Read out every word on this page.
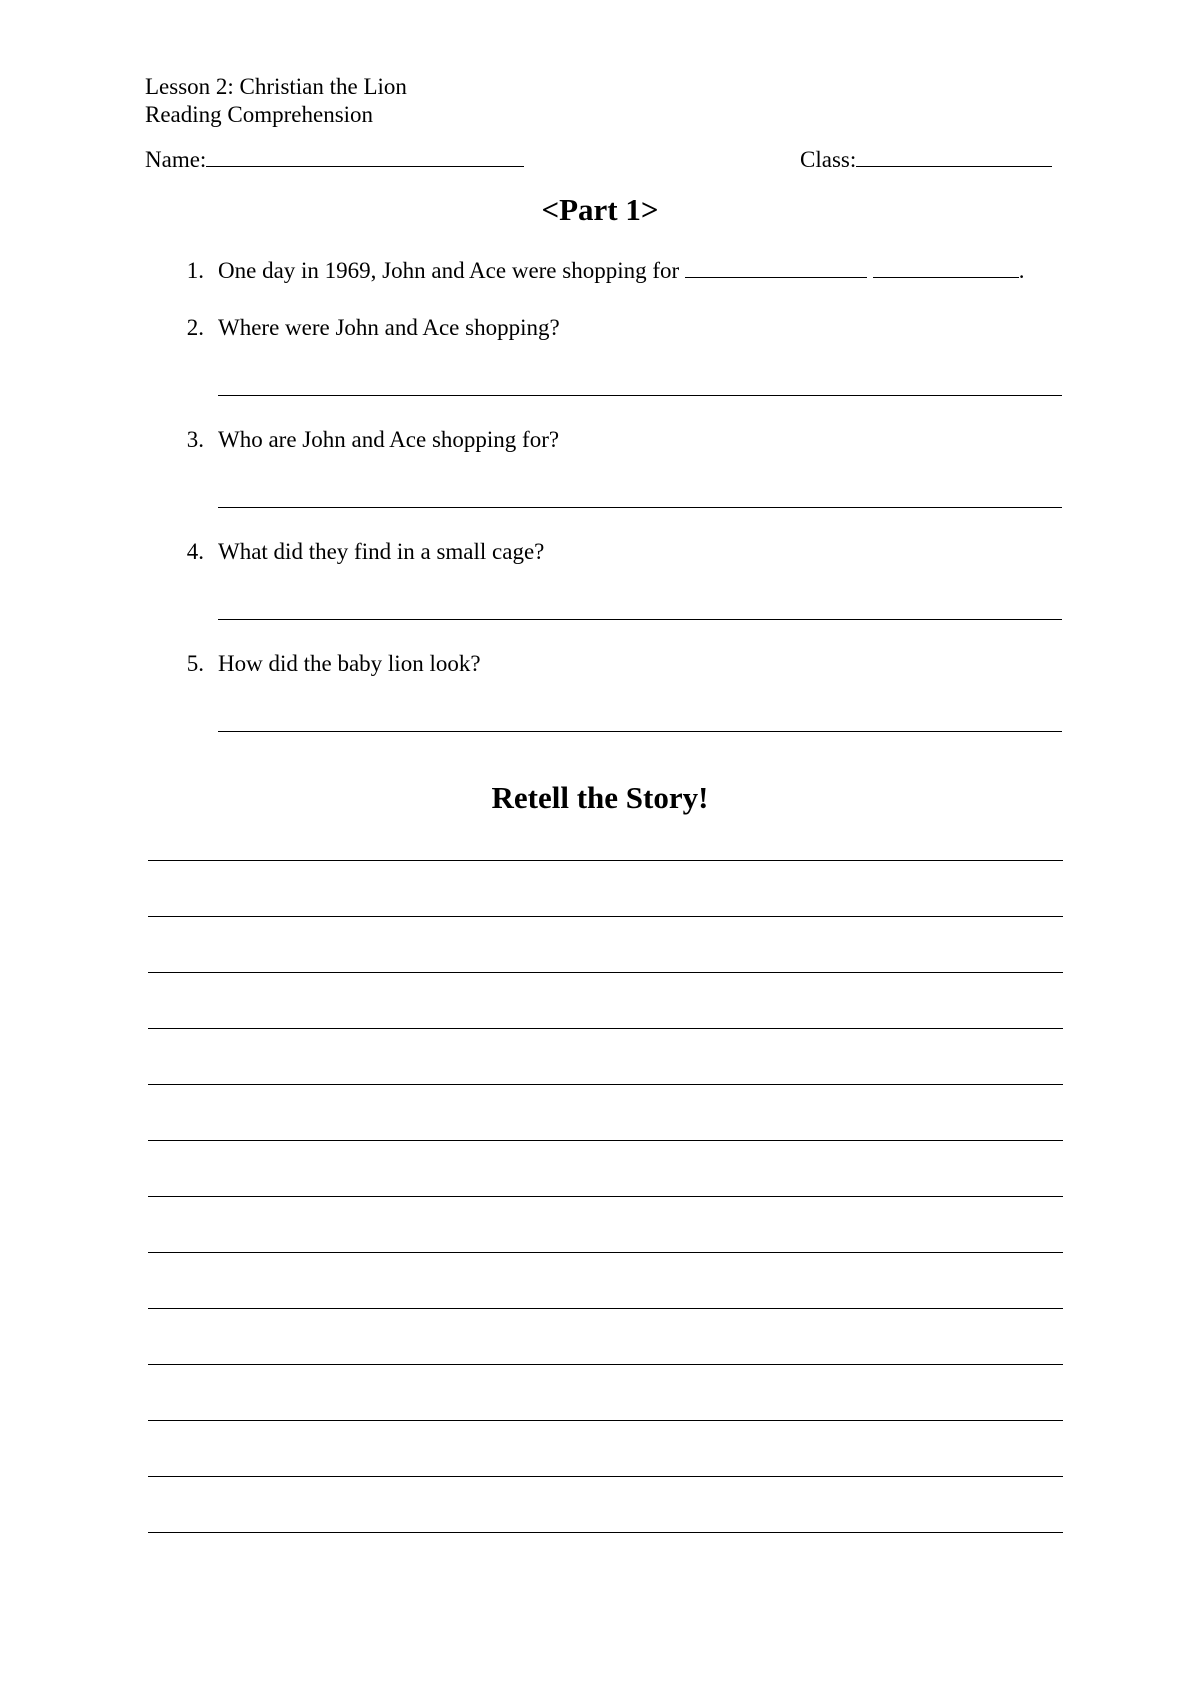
Lesson 2: Christian the Lion
Reading Comprehension
Name:	Class:
<Part 1>
1. One day in 1969, John and Ace were shopping for	.
2. Where were John and Ace shopping?
3. Who are John and Ace shopping for?
4. What did they find in a small cage?
5. How did the baby lion look?
Retell the Story!
